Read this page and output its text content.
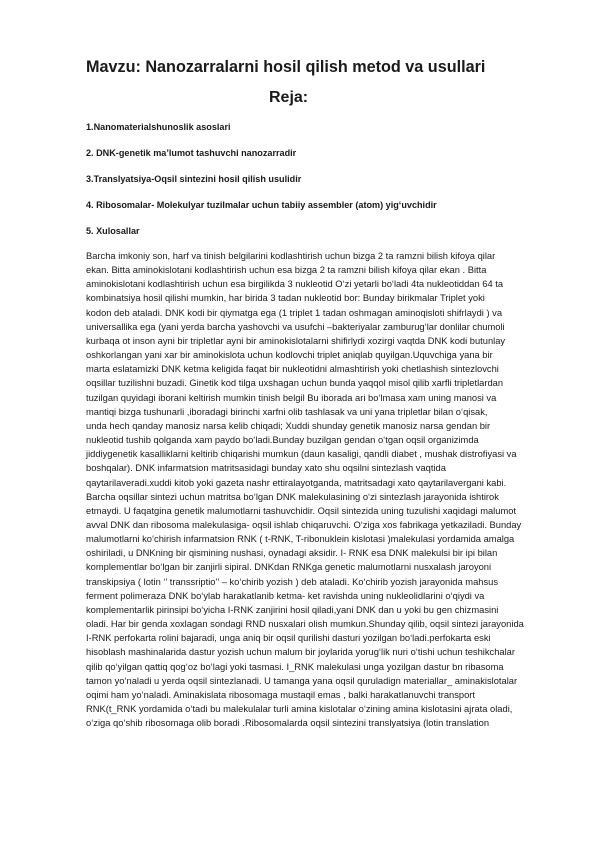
Mavzu: Nanozarralarni hosil qilish metod va usullari
Reja:
1.Nanomaterialshunoslik asoslari
2. DNK-genetik ma’lumot tashuvchi nanozarradir
3.Translyatsiya-Oqsil sintezini hosil qilish usulidir
4. Ribosomalar- Molekulyar tuzilmalar uchun tabiiy assembler (atom) yig‘uvchidir
5. Xulosallar
Barcha imkoniy son, harf va tinish belgilarini kodlashtirish uchun bizga 2 ta ramzni bilish kifoya qilar
ekan. Bitta aminokislotani kodlashtirish uchun esa bizga 2 ta ramzni bilish kifoya qilar ekan . Bitta
aminokislotani kodlashtirish uchun esa birgilikda 3 nukleotid O‘zi yetarli bo‘ladi 4ta nukleotiddan 64 ta
kombinatsiya hosil qilishi mumkin, har birida 3 tadan nukleotid bor: Bunday birikmalar Triplet yoki
kodon deb ataladi. DNK kodi bir qiymatga ega (1 triplet 1 tadan oshmagan aminoqisloti shifrlaydi ) va
universallika ega (yani yerda barcha yashovchi va usufchi –bakteriyalar zamburug‘lar donlilar chumoli
kurbaqa ot inson ayni bir tripletlar ayni bir aminokislotalarni shifirlydi xozirgi vaqtda DNK kodi butunlay
oshkorlangan yani xar bir aminokislota uchun kodlovchi triplet aniqlab quyilgan.Uquvchiga yana bir
marta eslatamizki DNK ketma keligida faqat bir nukleotidni almashtirish yoki chetlashish sintezlovchi
oqsillar tuzilishni buzadi. Ginetik kod tilga uxshagan uchun bunda yaqqol misol qilib xarfli tripletlardan
tuzilgan quyidagi iborani keltirish mumkin tinish belgil Bu iborada ari bo‘lmasa xam uning manosi va
mantiqi bizga tushunarli ,iboradagi birinchi xarfni olib tashlasak va uni yana tripletlar bilan o‘qisak,
unda hech qanday manosiz narsa kelib chiqadi; Xuddi shunday genetik manosiz narsa gendan bir
nukleotid tushib qolganda xam paydo bo‘ladi.Bunday buzilgan gendan o‘tgan oqsil organizimda
jiddiygenetik kasalliklarni keltirib chiqarishi mumkun (daun kasaligi, qandli diabet , mushak distrofiyasi va
boshqalar). DNK infarmatsion matritsasidagi bunday xato shu oqsilni sintezlash vaqtida
qaytarilaveradi.xuddi kitob yoki gazeta nashr ettiralayotganda, matritsadagi xato qaytarilavergani kabi.
Barcha oqsillar sintezi uchun matritsa bo‘lgan DNK malekulasining o‘zi sintezlash jarayonida ishtirok
etmaydi. U faqatgina genetik malumotlarni tashuvchidir. Oqsil sintezida uning tuzulishi xaqidagi malumot
avval DNK dan ribosoma malekulasiga- oqsil ishlab chiqaruvchi. O‘ziga xos fabrikaga yetkaziladi. Bunday
malumotlarni ko‘chirish infarmatsion RNK ( t-RNK, T-ribonuklein kislotasi )malekulasi yordamida amalga
oshiriladi, u DNKning bir qismining nushasi, oynadagi aksidir. I- RNK esa DNK malekulsi bir ipi bilan
komplementlar bo‘lgan bir zanjirli sipiral. DNKdan RNKga genetic malumotlarni nusxalash jaroyoni
transkipsiya ( lotin ‘’ transsriptio’’ – ko‘chirib yozish ) deb ataladi. Ko‘chirib yozish jarayonida mahsus
ferment polimeraza DNK bo‘ylab harakatlanib ketma- ket ravishda uning nukleolidlarini o‘qiydi va
komplementarlik pirinsipi bo‘yicha I-RNK zanjirini hosil qiladi,yani DNK dan u yoki bu gen chizmasini
oladi. Har bir genda xoxlagan sondagi RND nusxalari olish mumkun.Shunday qilib, oqsil sintezi jarayonida
I-RNK perfokarta rolini bajaradi, unga aniq bir oqsil qurilishi dasturi yozilgan bo‘ladi.perfokarta eski
hisoblash mashinalarida dastur yozish uchun malum bir joylarida yorug‘lik nuri o‘tishi uchun teshikchalar
qilib qo‘yilgan qattiq qog‘oz bo‘lagi yoki tasmasi. I_RNK malekulasi unga yozilgan dastur bn ribasoma
tamon yo‘naladi u yerda oqsil sintezlanadi. U tamanga yana oqsil quruladign materiallar_ aminakislotalar
oqimi ham yo‘naladi. Aminakislata ribosomaga mustaqil emas , balki harakatlanuvchi transport
RNK(t_RNK yordamida o‘tadi bu malekulalar turli amina kislotalar o‘zining amina kislotasini ajrata oladi,
o‘ziga qo‘shib ribosomaga olib boradi .Ribosomalarda oqsil sintezini translyatsiya (lotin translation
